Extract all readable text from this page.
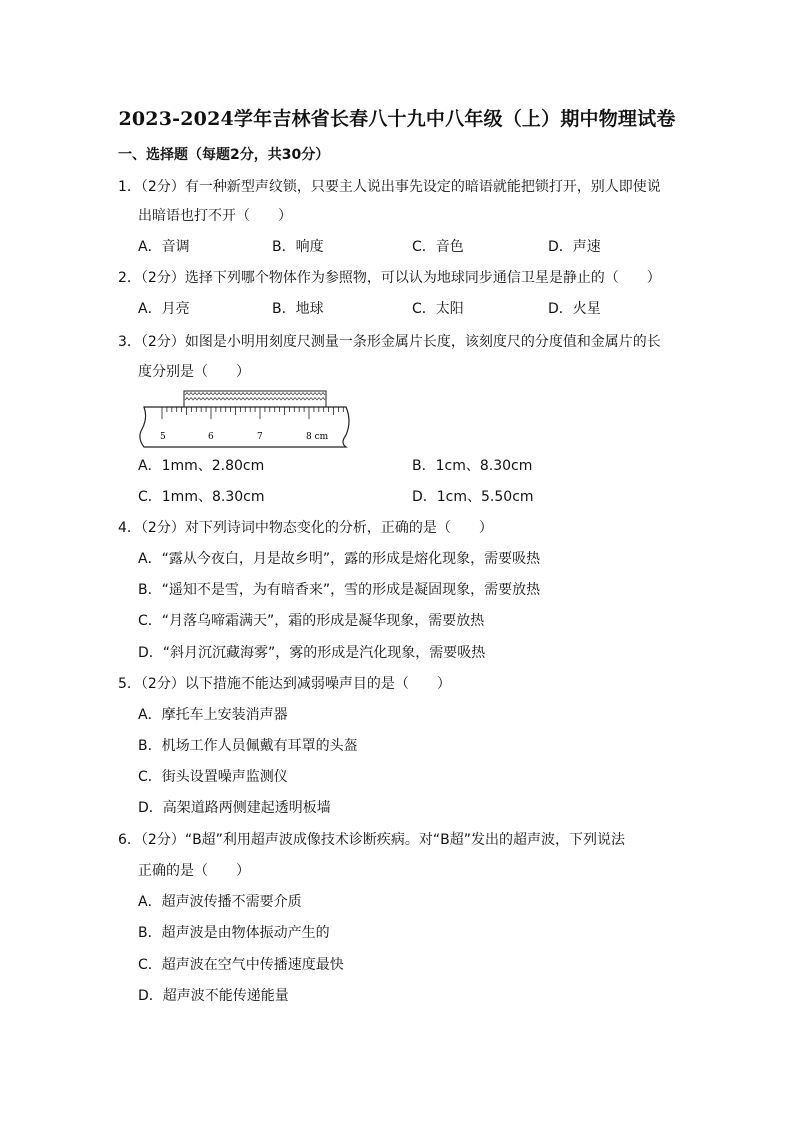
2023-2024学年吉林省长春八十九中八年级（上）期中物理试卷
一、选择题（每题2分，共30分）
1．（2分）有一种新型声纹锁，只要主人说出事先设定的暗语就能把锁打开，别人即使说
出暗语也打不开（　　）
A．音调	B．响度	C．音色	D．声速
2．（2分）选择下列哪个物体作为参照物，可以认为地球同步通信卫星是静止的（　　）
A．月亮	B．地球	C．太阳	D．火星
3．（2分）如图是小明用刻度尺测量一条形金属片长度，该刻度尺的分度值和金属片的长
度分别是（　　）
5	6	7	8 cm
A．1mm、2.80cm	B．1cm、8.30cm
C．1mm、8.30cm	D．1cm、5.50cm
4．（2分）对下列诗词中物态变化的分析，正确的是（　　）
A．“露从今夜白，月是故乡明”，露的形成是熔化现象，需要吸热
B．“遥知不是雪，为有暗香来”，雪的形成是凝固现象，需要放热
C．“月落乌啼霜满天”，霜的形成是凝华现象，需要放热
D．“斜月沉沉藏海雾”，雾的形成是汽化现象，需要吸热
5．（2分）以下措施不能达到减弱噪声目的是（　　）
A．摩托车上安装消声器
B．机场工作人员佩戴有耳罩的头盔
C．街头设置噪声监测仪
D．高架道路两侧建起透明板墙
6．（2分）“B超”利用超声波成像技术诊断疾病。对“B超”发出的超声波，下列说法
正确的是（　　）
A．超声波传播不需要介质
B．超声波是由物体振动产生的
C．超声波在空气中传播速度最快
D．超声波不能传递能量
